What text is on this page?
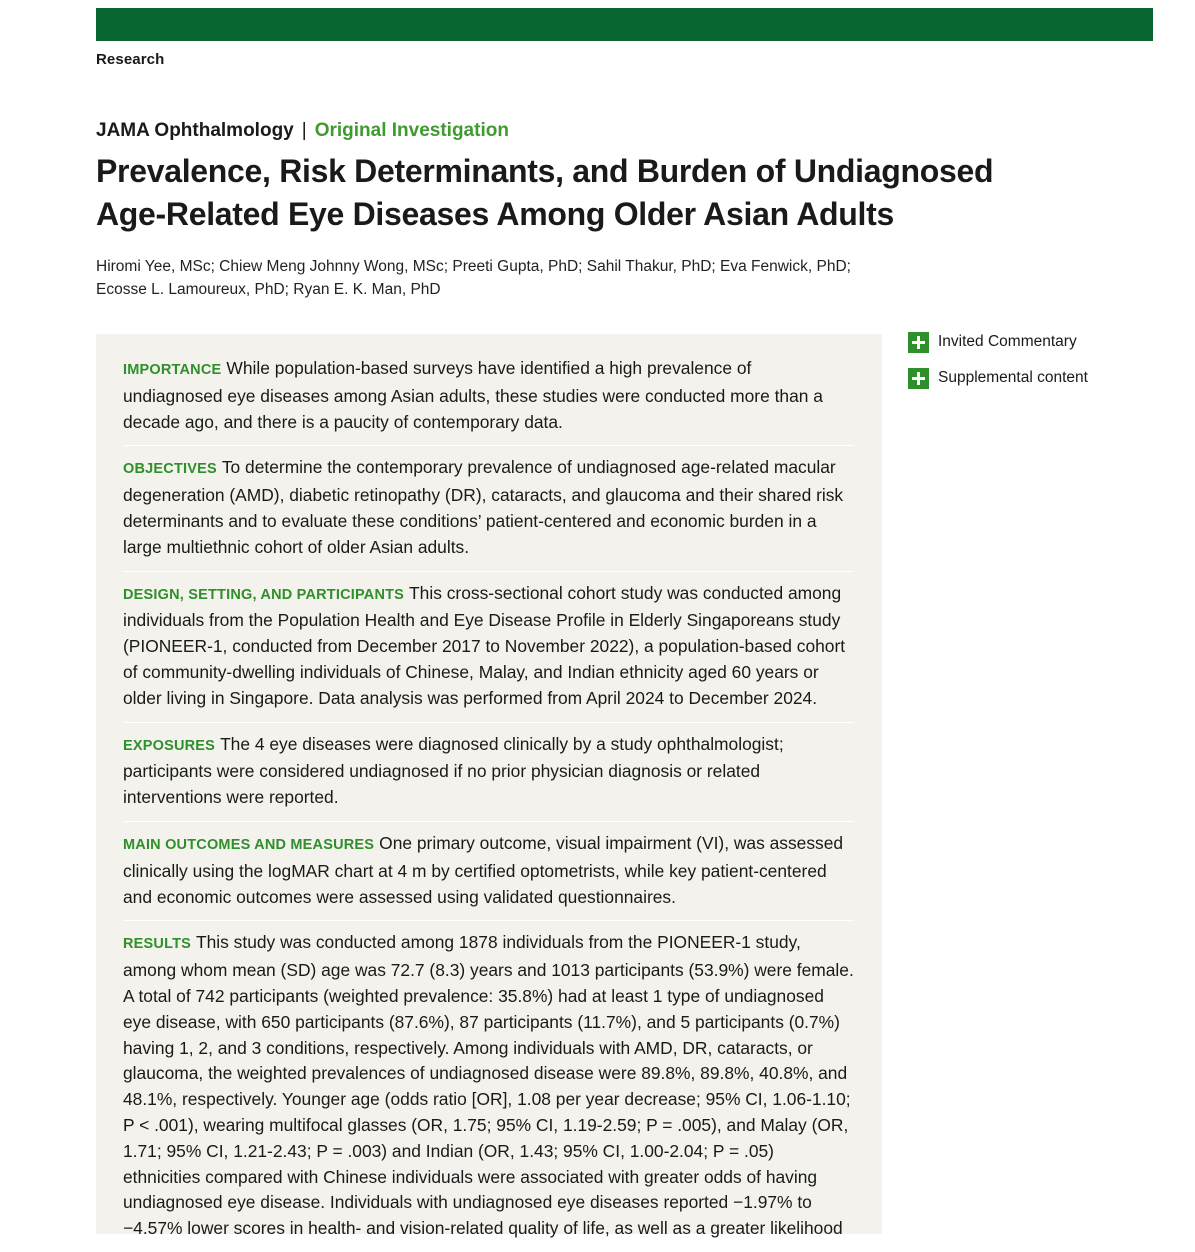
Research
JAMA Ophthalmology | Original Investigation
Prevalence, Risk Determinants, and Burden of Undiagnosed Age-Related Eye Diseases Among Older Asian Adults
Hiromi Yee, MSc; Chiew Meng Johnny Wong, MSc; Preeti Gupta, PhD; Sahil Thakur, PhD; Eva Fenwick, PhD; Ecosse L. Lamoureux, PhD; Ryan E. K. Man, PhD
Invited Commentary
Supplemental content
IMPORTANCE While population-based surveys have identified a high prevalence of undiagnosed eye diseases among Asian adults, these studies were conducted more than a decade ago, and there is a paucity of contemporary data.
OBJECTIVES To determine the contemporary prevalence of undiagnosed age-related macular degeneration (AMD), diabetic retinopathy (DR), cataracts, and glaucoma and their shared risk determinants and to evaluate these conditions’ patient-centered and economic burden in a large multiethnic cohort of older Asian adults.
DESIGN, SETTING, AND PARTICIPANTS This cross-sectional cohort study was conducted among individuals from the Population Health and Eye Disease Profile in Elderly Singaporeans study (PIONEER-1, conducted from December 2017 to November 2022), a population-based cohort of community-dwelling individuals of Chinese, Malay, and Indian ethnicity aged 60 years or older living in Singapore. Data analysis was performed from April 2024 to December 2024.
EXPOSURES The 4 eye diseases were diagnosed clinically by a study ophthalmologist; participants were considered undiagnosed if no prior physician diagnosis or related interventions were reported.
MAIN OUTCOMES AND MEASURES One primary outcome, visual impairment (VI), was assessed clinically using the logMAR chart at 4 m by certified optometrists, while key patient-centered and economic outcomes were assessed using validated questionnaires.
RESULTS This study was conducted among 1878 individuals from the PIONEER-1 study, among whom mean (SD) age was 72.7 (8.3) years and 1013 participants (53.9%) were female. A total of 742 participants (weighted prevalence: 35.8%) had at least 1 type of undiagnosed eye disease, with 650 participants (87.6%), 87 participants (11.7%), and 5 participants (0.7%) having 1, 2, and 3 conditions, respectively. Among individuals with AMD, DR, cataracts, or glaucoma, the weighted prevalences of undiagnosed disease were 89.8%, 89.8%, 40.8%, and 48.1%, respectively. Younger age (odds ratio [OR], 1.08 per year decrease; 95% CI, 1.06-1.10; P < .001), wearing multifocal glasses (OR, 1.75; 95% CI, 1.19-2.59; P = .005), and Malay (OR, 1.71; 95% CI, 1.21-2.43; P = .003) and Indian (OR, 1.43; 95% CI, 1.00-2.04; P = .05) ethnicities compared with Chinese individuals were associated with greater odds of having undiagnosed eye disease. Individuals with undiagnosed eye diseases reported −1.97% to −4.57% lower scores in health- and vision-related quality of life, as well as a greater likelihood
